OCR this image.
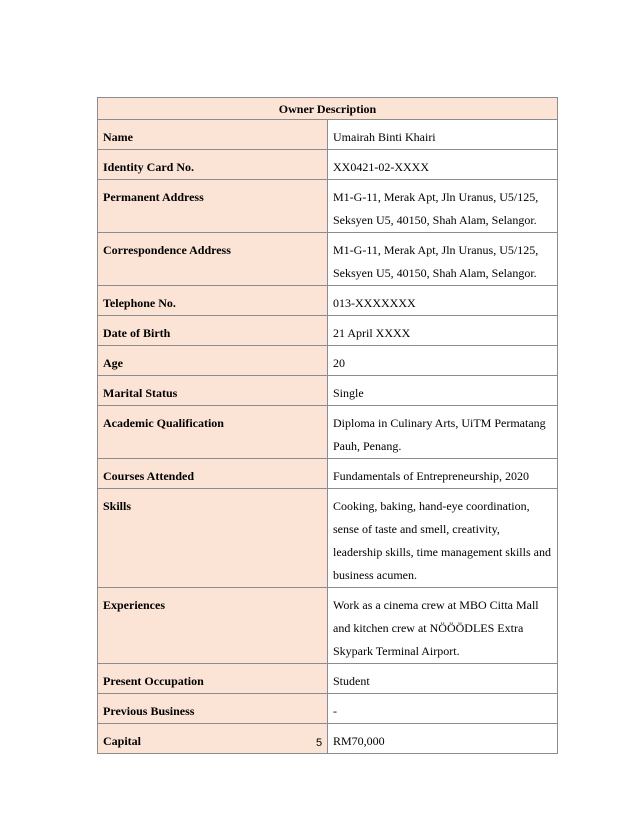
Owner Description	
Name	Umairah Binti Khairi
Identity Card No.	XX0421-02-XXXX
Permanent Address	M1-G-11, Merak Apt, Jln Uranus, U5/125, Seksyen U5, 40150, Shah Alam, Selangor.
Correspondence Address	M1-G-11, Merak Apt, Jln Uranus, U5/125, Seksyen U5, 40150, Shah Alam, Selangor.
Telephone No.	013-XXXXXXX
Date of Birth	21 April XXXX
Age	20
Marital Status	Single
Academic Qualification	Diploma in Culinary Arts, UiTM Permatang Pauh, Penang.
Courses Attended	Fundamentals of Entrepreneurship, 2020
Skills	Cooking, baking, hand-eye coordination, sense of taste and smell, creativity, leadership skills, time management skills and business acumen.
Experiences	Work as a cinema crew at MBO Citta Mall and kitchen crew at NÖÖÖDLES Extra Skypark Terminal Airport.
Present Occupation	Student
Previous Business	-
Capital	RM70,000
5
